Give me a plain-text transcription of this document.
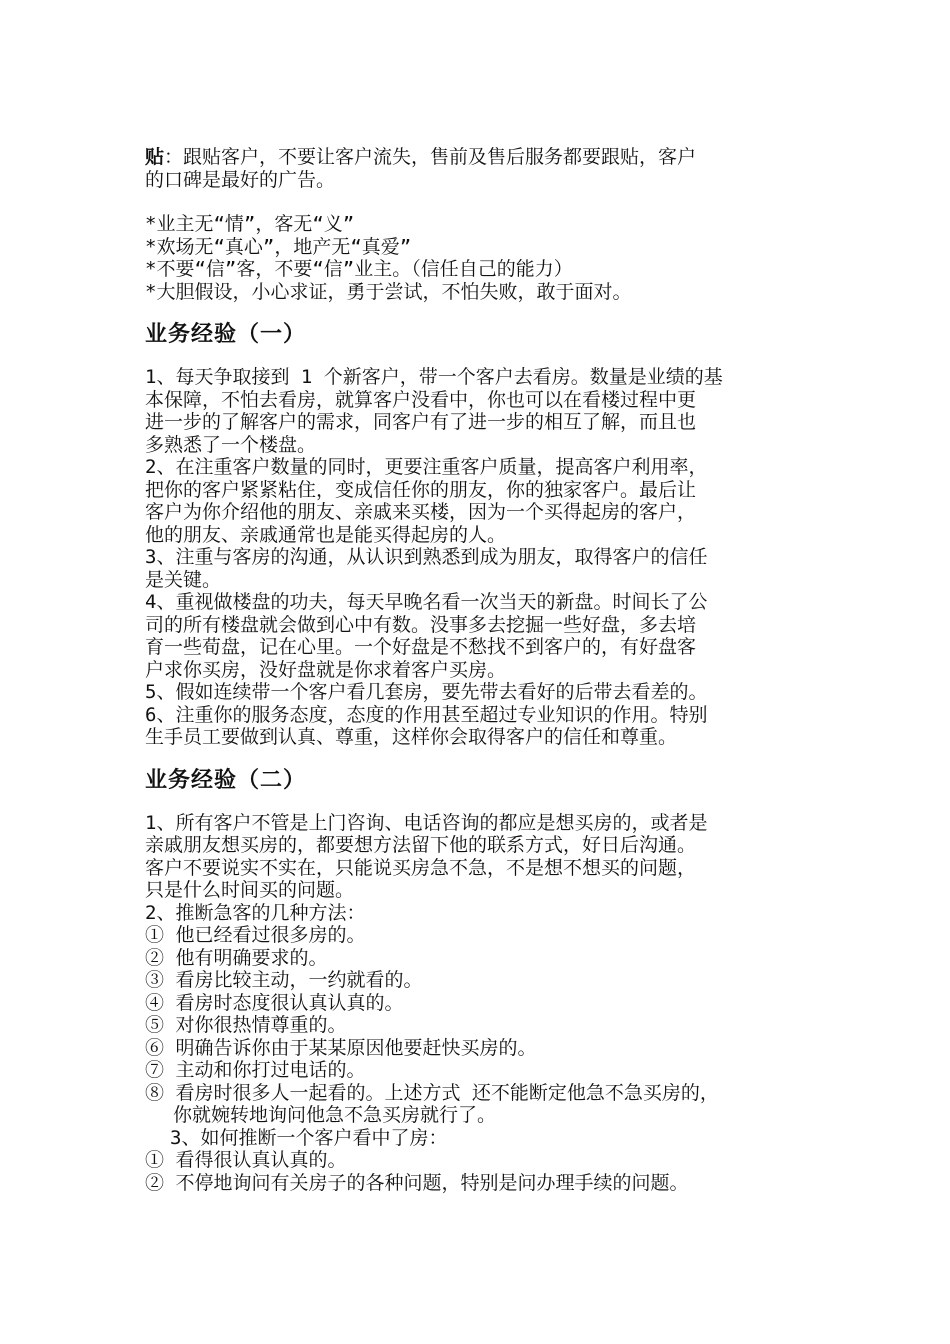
贴：跟贴客户，不要让客户流失，售前及售后服务都要跟贴，客户
的口碑是最好的广告。

*业主无“情”，客无“义”
*欢场无“真心”，地产无“真爱”
*不要“信”客，不要“信”业主。（信任自己的能力）
*大胆假设，小心求证，勇于尝试，不怕失败，敢于面对。

业务经验（一）

1、每天争取接到 1 个新客户，带一个客户去看房。数量是业绩的基
本保障，不怕去看房，就算客户没看中，你也可以在看楼过程中更
进一步的了解客户的需求，同客户有了进一步的相互了解，而且也
多熟悉了一个楼盘。
2、在注重客户数量的同时，更要注重客户质量，提高客户利用率，
把你的客户紧紧粘住，变成信任你的朋友，你的独家客户。最后让
客户为你介绍他的朋友、亲戚来买楼，因为一个买得起房的客户，
他的朋友、亲戚通常也是能买得起房的人。
3、注重与客房的沟通，从认识到熟悉到成为朋友，取得客户的信任
是关键。
4、重视做楼盘的功夫，每天早晚名看一次当天的新盘。时间长了公
司的所有楼盘就会做到心中有数。没事多去挖掘一些好盘，多去培
育一些荀盘，记在心里。一个好盘是不愁找不到客户的，有好盘客
户求你买房，没好盘就是你求着客户买房。
5、假如连续带一个客户看几套房，要先带去看好的后带去看差的。
6、注重你的服务态度，态度的作用甚至超过专业知识的作用。特别
生手员工要做到认真、尊重，这样你会取得客户的信任和尊重。

业务经验（二）

1、所有客户不管是上门咨询、电话咨询的都应是想买房的，或者是
亲戚朋友想买房的，都要想方法留下他的联系方式，好日后沟通。
客户不要说实不实在，只能说买房急不急，不是想不想买的问题，
只是什么时间买的问题。
2、推断急客的几种方法：
① 他已经看过很多房的。
② 他有明确要求的。
③ 看房比较主动，一约就看的。
④ 看房时态度很认真认真的。
⑤ 对你很热情尊重的。
⑥ 明确告诉你由于某某原因他要赶快买房的。
⑦ 主动和你打过电话的。
⑧ 看房时很多人一起看的。上述方式 还不能断定他急不急买房的，
你就婉转地询问他急不急买房就行了。
3、如何推断一个客户看中了房：
① 看得很认真认真的。
② 不停地询问有关房子的各种问题，特别是问办理手续的问题。
